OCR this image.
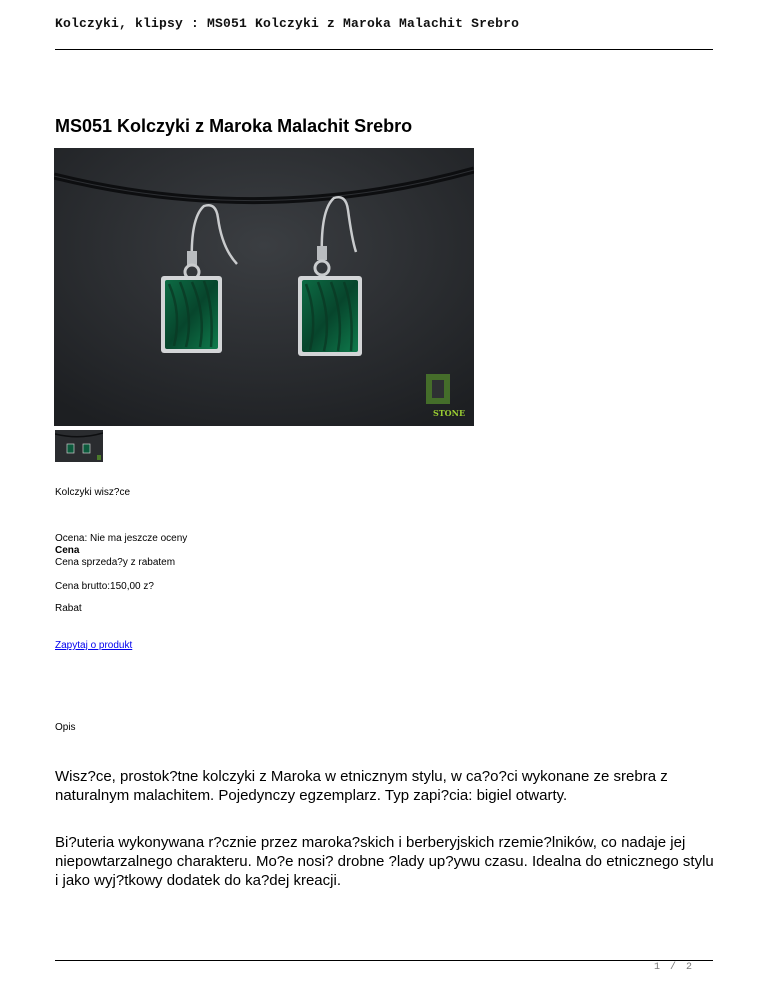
Kolczyki, klipsy : MS051 Kolczyki z Maroka Malachit Srebro
MS051 Kolczyki z Maroka Malachit Srebro
STONE
Kolczyki wisz?ce
Ocena: Nie ma jeszcze oceny
Cena
Cena sprzeda?y z rabatem
Cena brutto:150,00 z?
Rabat
Zapytaj o produkt
Opis

Wisz?ce, prostok?tne kolczyki z Maroka w etnicznym stylu, w ca?o?ci wykonane ze srebra z naturalnym malachitem. Pojedynczy egzemplarz. Typ zapi?cia: bigiel otwarty.

Bi?uteria wykonywana r?cznie przez maroka?skich i berberyjskich rzemie?lników, co nadaje jej niepowtarzalnego charakteru. Mo?e nosi? drobne ?lady up?ywu czasu. Idealna do etnicznego stylu i jako wyj?tkowy dodatek do ka?dej kreacji.

1 / 2
